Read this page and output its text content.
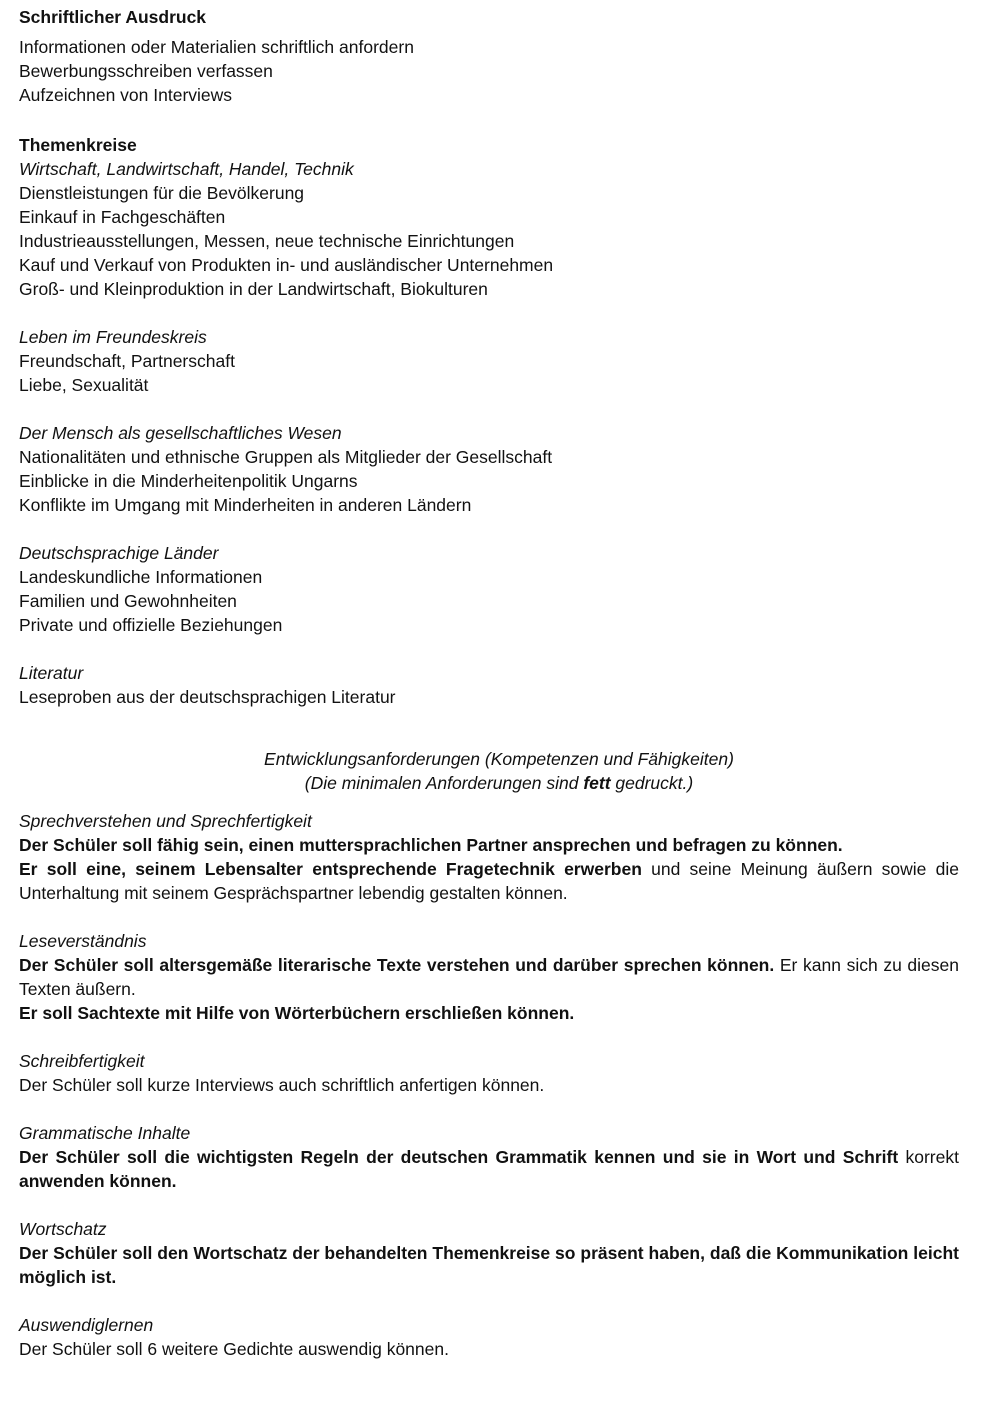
Schriftlicher Ausdruck
Informationen oder Materialien schriftlich anfordern
Bewerbungsschreiben verfassen
Aufzeichnen von Interviews
Themenkreise
Wirtschaft, Landwirtschaft, Handel, Technik
Dienstleistungen für die Bevölkerung
Einkauf in Fachgeschäften
Industrieausstellungen, Messen, neue technische Einrichtungen
Kauf und Verkauf von Produkten in- und ausländischer Unternehmen
Groß- und Kleinproduktion in der Landwirtschaft, Biokulturen
Leben im Freundeskreis
Freundschaft, Partnerschaft
Liebe, Sexualität
Der Mensch als gesellschaftliches Wesen
Nationalitäten und ethnische Gruppen als Mitglieder der Gesellschaft
Einblicke in die Minderheitenpolitik Ungarns
Konflikte im Umgang mit Minderheiten in anderen Ländern
Deutschsprachige Länder
Landeskundliche Informationen
Familien und Gewohnheiten
Private und offizielle Beziehungen
Literatur
Leseproben aus der deutschsprachigen Literatur
Entwicklungsanforderungen (Kompetenzen und Fähigkeiten)
(Die minimalen Anforderungen sind fett gedruckt.)
Sprechverstehen und Sprechfertigkeit

Der Schüler soll fähig sein, einen muttersprachlichen Partner ansprechen und befragen zu können.

Er soll eine, seinem Lebensalter entsprechende Fragetechnik erwerben und seine Meinung äußern sowie die Unterhaltung mit seinem Gesprächspartner lebendig gestalten können.

Leseverständnis

Der Schüler soll altersgemäße literarische Texte verstehen und darüber sprechen können. Er kann sich zu diesen Texten äußern.

Er soll Sachtexte mit Hilfe von Wörterbüchern erschließen können.

Schreibfertigkeit
Der Schüler soll kurze Interviews auch schriftlich anfertigen können.
Grammatische Inhalte

Der Schüler soll die wichtigsten Regeln der deutschen Grammatik kennen und sie in Wort und Schrift korrekt anwenden können.

Wortschatz

Der Schüler soll den Wortschatz der behandelten Themenkreise so präsent haben, daß die Kommunikation leicht möglich ist.

Auswendiglernen
Der Schüler soll 6 weitere Gedichte auswendig können.
